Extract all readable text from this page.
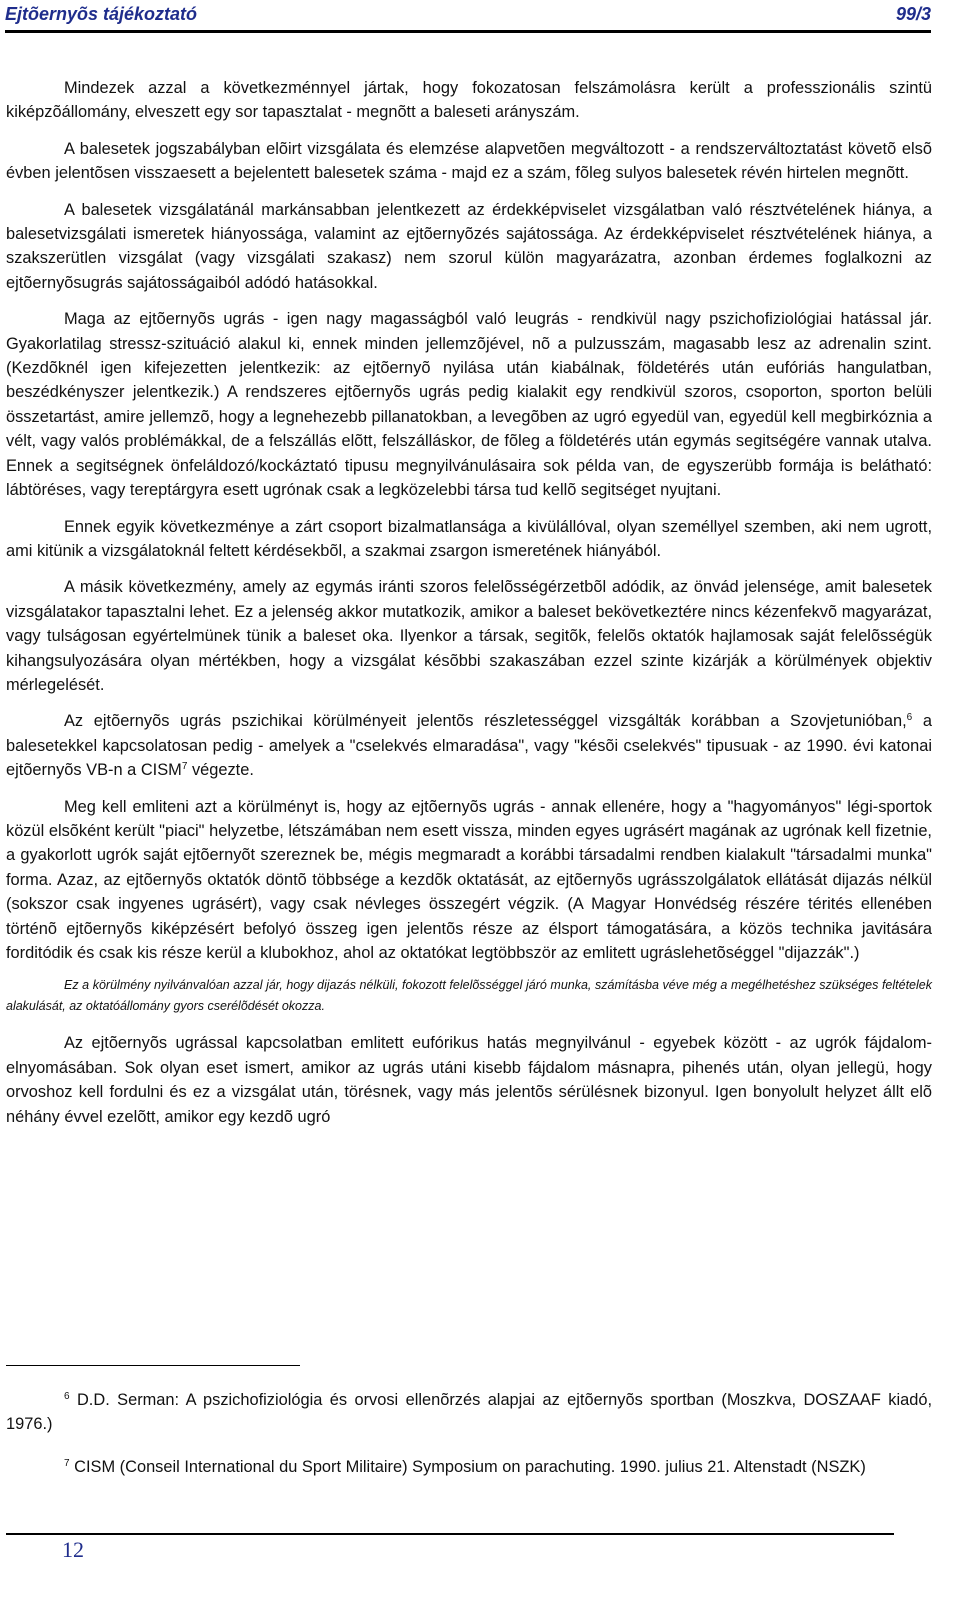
Ejtõernyõs tájékoztató	99/3

Mindezek azzal a következménnyel jártak, hogy fokozatosan felszámolásra került a professzionális szintü kiképzõállomány, elveszett egy sor tapasztalat - megnõtt a baleseti arányszám.

A balesetek jogszabályban elõirt vizsgálata és elemzése alapvetõen megváltozott - a rendszerváltoztatást követõ elsõ évben jelentõsen visszaesett a bejelentett balesetek száma - majd ez a szám, fõleg sulyos balesetek révén hirtelen megnõtt.

A balesetek vizsgálatánál markánsabban jelentkezett az érdekképviselet vizsgálatban való résztvételének hiánya, a balesetvizsgálati ismeretek hiányossága, valamint az ejtõernyõzés sajátossága. Az érdekképviselet résztvételének hiánya, a szakszerütlen vizsgálat (vagy vizsgálati szakasz) nem szorul külön magyarázatra, azonban érdemes foglalkozni az ejtõernyõsugrás sajátosságaiból adódó hatásokkal.

Maga az ejtõernyõs ugrás - igen nagy magasságból való leugrás - rendkivül nagy pszichofiziológiai hatással jár. Gyakorlatilag stressz-szituáció alakul ki, ennek minden jellemzõjével, nõ a pulzusszám, magasabb lesz az adrenalin szint. (Kezdõknél igen kifejezetten jelentkezik: az ejtõernyõ nyilása után kiabálnak, földetérés után eufóriás hangulatban, beszédkényszer jelentkezik.) A rendszeres ejtõernyõs ugrás pedig kialakit egy rendkivül szoros, csoporton, sporton belüli összetartást, amire jellemzõ, hogy a legnehezebb pillanatokban, a levegõben az ugró egyedül van, egyedül kell megbirkóznia a vélt, vagy valós problémákkal, de a felszállás elõtt, felszálláskor, de fõleg a földetérés után egymás segitségére vannak utalva. Ennek a segitségnek önfeláldozó/kockáztató tipusu megnyilvánulásaira sok példa van, de egyszerübb formája is belátható: lábtöréses, vagy tereptárgyra esett ugrónak csak a legközelebbi társa tud kellõ segitséget nyujtani.

Ennek egyik következménye a zárt csoport bizalmatlansága a kivülállóval, olyan személlyel szemben, aki nem ugrott, ami kitünik a vizsgálatoknál feltett kérdésekbõl, a szakmai zsargon ismeretének hiányából.

A másik következmény, amely az egymás iránti szoros felelõsségérzetbõl adódik, az önvád jelensége, amit balesetek vizsgálatakor tapasztalni lehet. Ez a jelenség akkor mutatkozik, amikor a baleset bekövetkeztére nincs kézenfekvõ magyarázat, vagy tulságosan egyértelmünek tünik a baleset oka. Ilyenkor a társak, segitõk, felelõs oktatók hajlamosak saját felelõsségük kihangsulyozására olyan mértékben, hogy a vizsgálat késõbbi szakaszában ezzel szinte kizárják a körülmények objektiv mérlegelését.

Az ejtõernyõs ugrás pszichikai körülményeit jelentõs részletességgel vizsgálták korábban a Szovjetunióban,$^6$ a balesetekkel kapcsolatosan pedig - amelyek a "cselekvés elmaradása", vagy "késõi cselekvés" tipusuak - az 1990. évi katonai ejtõernyõs VB-n a CISM$^7$ végezte.

Meg kell emliteni azt a körülményt is, hogy az ejtõernyõs ugrás - annak ellenére, hogy a "hagyományos" légi-sportok közül elsõként került "piaci" helyzetbe, létszámában nem esett vissza, minden egyes ugrásért magának az ugrónak kell fizetnie, a gyakorlott ugrók saját ejtõernyõt szereznek be, mégis megmaradt a korábbi társadalmi rendben kialakult "társadalmi munka" forma. Azaz, az ejtõernyõs oktatók döntõ többsége a kezdõk oktatását, az ejtõernyõs ugrásszolgálatok ellátását dijazás nélkül (sokszor csak ingyenes ugrásért), vagy csak névleges összegért végzik. (A Magyar Honvédség részére térités ellenében történõ ejtõernyõs kiképzésért befolyó összeg igen jelentõs része az élsport támogatására, a közös technika javitására forditódik és csak kis része kerül a klubokhoz, ahol az oktatókat legtöbbször az emlitett ugráslehetõséggel "dijazzák".)

Ez a körülmény nyilvánvalóan azzal jár, hogy dijazás nélküli, fokozott felelõsséggel járó munka, számításba véve még a megélhetéshez szükséges feltételek alakulását, az oktatóállomány gyors cserélõdését okozza.

Az ejtõernyõs ugrással kapcsolatban emlitett eufórikus hatás megnyilvánul - egyebek között - az ugrók fájdalom-elnyomásában. Sok olyan eset ismert, amikor az ugrás utáni kisebb fájdalom másnapra, pihenés után, olyan jellegü, hogy orvoshoz kell fordulni és ez a vizsgálat után, törésnek, vagy más jelentõs sérülésnek bizonyul. Igen bonyolult helyzet állt elõ néhány évvel ezelõtt, amikor egy kezdõ ugró

$^6$ D.D. Serman: A pszichofiziológia és orvosi ellenõrzés alapjai az ejtõernyõs sportban (Moszkva, DOSZAAF kiadó, 1976.)

$^7$ CISM (Conseil International du Sport Militaire) Symposium on parachuting. 1990. julius 21. Altenstadt (NSZK)

12
